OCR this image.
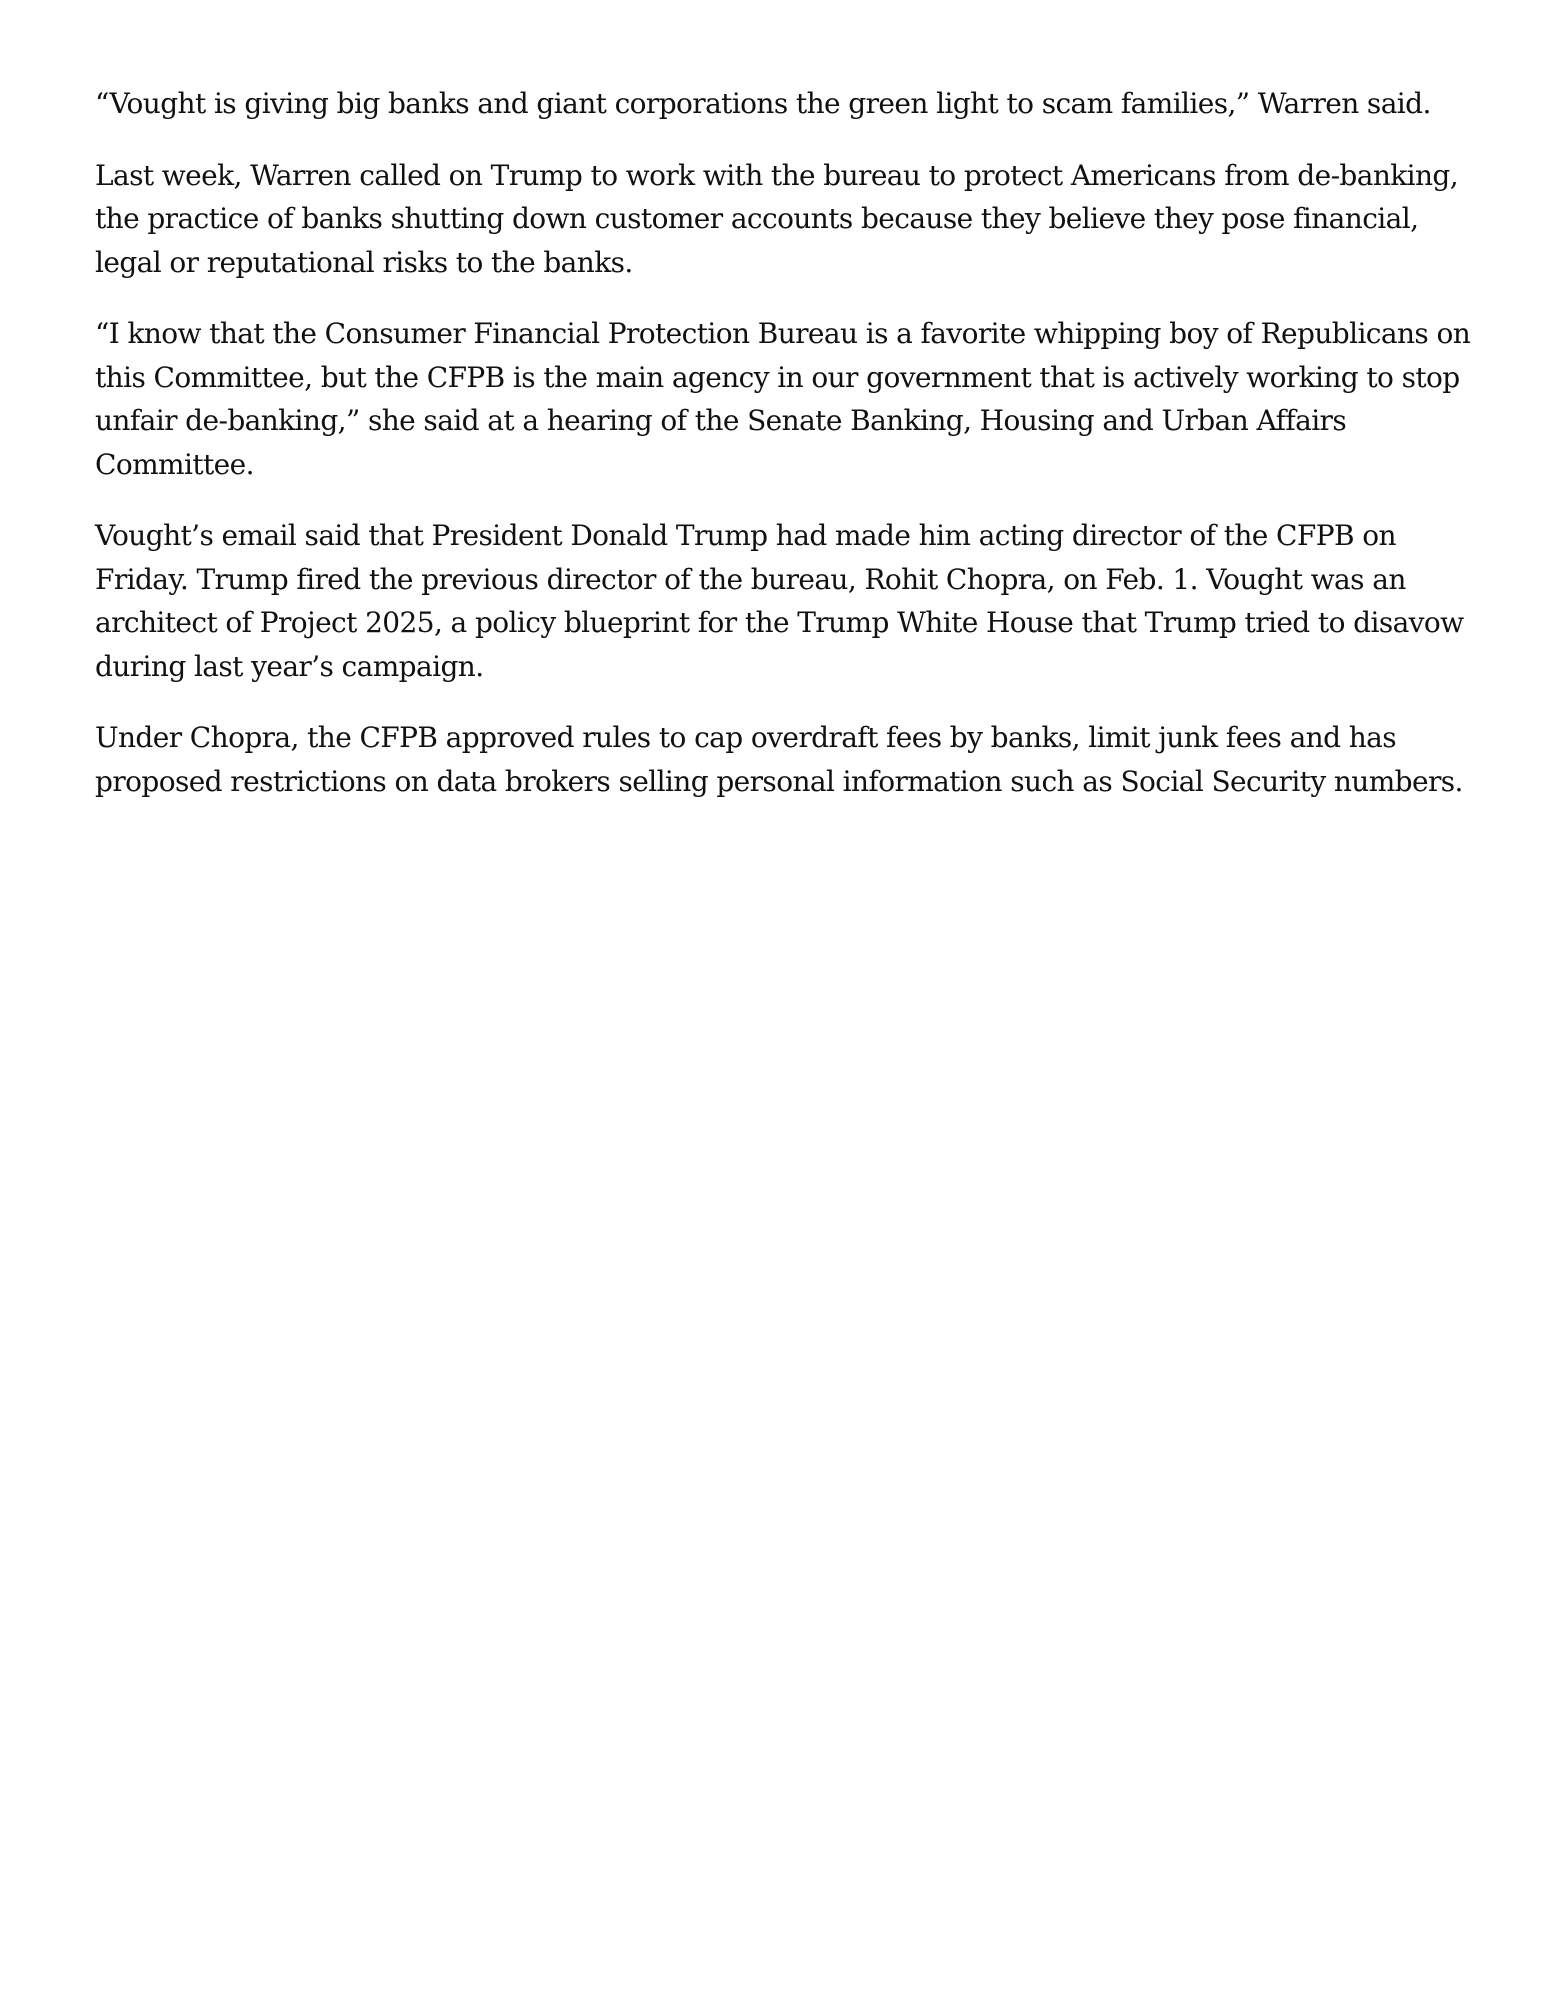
“Vought is giving big banks and giant corporations the green light to scam families,” Warren said.

Last week, Warren called on Trump to work with the bureau to protect Americans from de-banking, the practice of banks shutting down customer accounts because they believe they pose financial, legal or reputational risks to the banks.

“I know that the Consumer Financial Protection Bureau is a favorite whipping boy of Republicans on this Committee, but the CFPB is the main agency in our government that is actively working to stop unfair de-banking,” she said at a hearing of the Senate Banking, Housing and Urban Affairs Committee.

Vought’s email said that President Donald Trump had made him acting director of the CFPB on Friday. Trump fired the previous director of the bureau, Rohit Chopra, on Feb. 1. Vought was an architect of Project 2025, a policy blueprint for the Trump White House that Trump tried to disavow during last year’s campaign.

Under Chopra, the CFPB approved rules to cap overdraft fees by banks, limit junk fees and has proposed restrictions on data brokers selling personal information such as Social Security numbers.
